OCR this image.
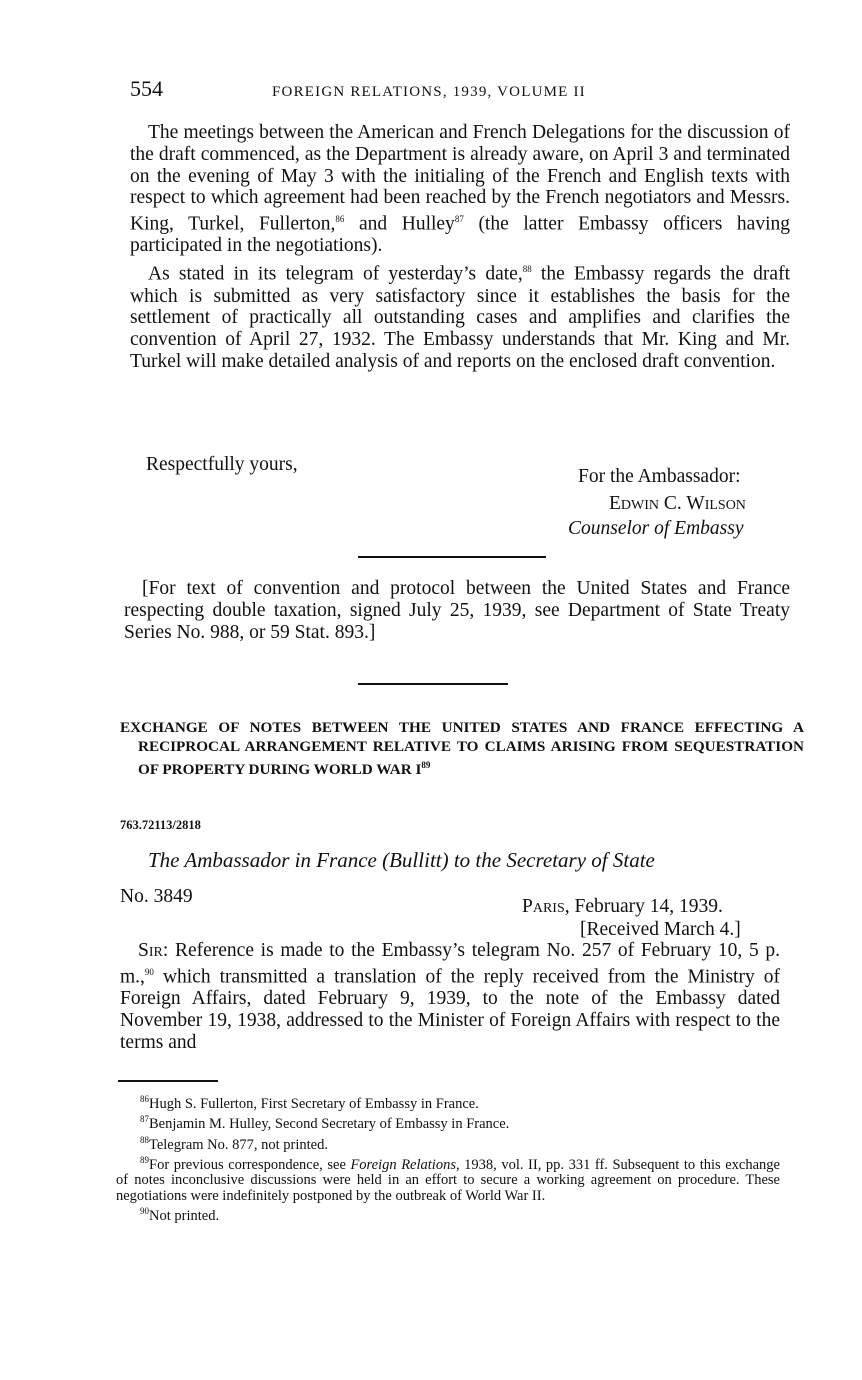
554	FOREIGN RELATIONS, 1939, VOLUME II

The meetings between the American and French Delegations for the discussion of the draft commenced, as the Department is already aware, on April 3 and terminated on the evening of May 3 with the initialing of the French and English texts with respect to which agreement had been reached by the French negotiators and Messrs. King, Turkel, Fullerton,$^{86}$ and Hulley$^{87}$ (the latter Embassy officers having participated in the negotiations).

As stated in its telegram of yesterday’s date,$^{88}$ the Embassy regards the draft which is submitted as very satisfactory since it establishes the basis for the settlement of practically all outstanding cases and amplifies and clarifies the convention of April 27, 1932. The Embassy understands that Mr. King and Mr. Turkel will make detailed analysis of and reports on the enclosed draft convention.

Respectfully yours,
For the Ambassador:
Edwin C. Wilson
Counselor of Embassy

[For text of convention and protocol between the United States and France respecting double taxation, signed July 25, 1939, see Department of State Treaty Series No. 988, or 59 Stat. 893.]

EXCHANGE OF NOTES BETWEEN THE UNITED STATES AND FRANCE EFFECTING A RECIPROCAL ARRANGEMENT RELATIVE TO CLAIMS ARISING FROM SEQUESTRATION OF PROPERTY DURING WORLD WAR $I^{89}$

763.72113/2818
The Ambassador in France (Bullitt) to the Secretary of State
No. 3849	Paris, February 14, 1939.
[Received March 4.]

Sir: Reference is made to the Embassy’s telegram No. 257 of February 10, 5 p. m.,$^{90}$ which transmitted a translation of the reply received from the Ministry of Foreign Affairs, dated February 9, 1939, to the note of the Embassy dated November 19, 1938, addressed to the Minister of Foreign Affairs with respect to the terms and

$^{86}$Hugh S. Fullerton, First Secretary of Embassy in France.

$^{87}$Benjamin M. Hulley, Second Secretary of Embassy in France.

$^{88}$Telegram No. 877, not printed.

$^{89}$For previous correspondence, see Foreign Relations, 1938, vol. II, pp. 331 ff. Subsequent to this exchange of notes inconclusive discussions were held in an effort to secure a working agreement on procedure. These negotiations were indefinitely postponed by the outbreak of World War II.

$^{90}$Not printed.
